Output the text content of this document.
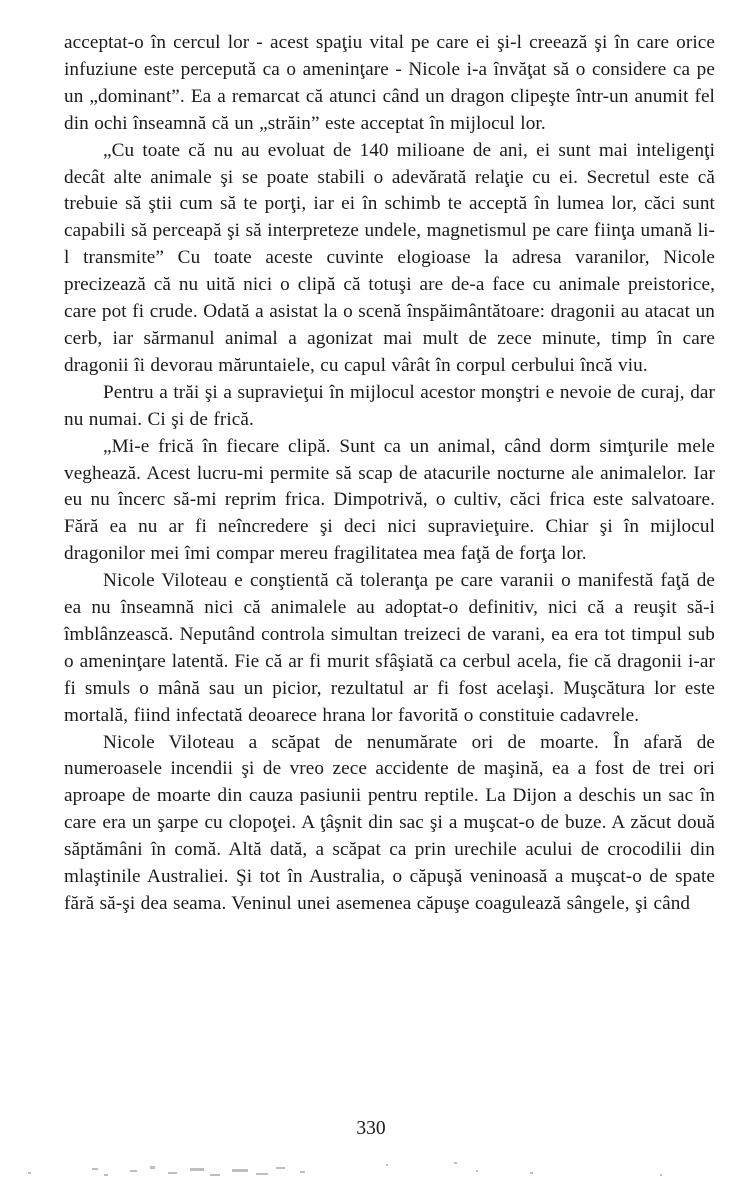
acceptat-o în cercul lor - acest spaţiu vital pe care ei şi-l creează şi în care orice infuziune este percepută ca o ameninţare - Nicole i-a învăţat să o considere ca pe un „dominant”. Ea a remarcat că atunci când un dragon clipeşte într-un anumit fel din ochi înseamnă că un „străin” este acceptat în mijlocul lor.

„Cu toate că nu au evoluat de 140 milioane de ani, ei sunt mai inteligenţi decât alte animale şi se poate stabili o adevărată relaţie cu ei. Secretul este că trebuie să ştii cum să te porţi, iar ei în schimb te acceptă în lumea lor, căci sunt capabili să perceapă şi să interpreteze undele, magnetismul pe care fiinţa umană li-l transmite” Cu toate aceste cuvinte elogioase la adresa varanilor, Nicole precizează că nu uită nici o clipă că totuşi are de-a face cu animale preistorice, care pot fi crude. Odată a asistat la o scenă înspăimântătoare: dragonii au atacat un cerb, iar sărmanul animal a agonizat mai mult de zece minute, timp în care dragonii îi devorau măruntaiele, cu capul vârât în corpul cerbului încă viu.

Pentru a trăi şi a supravieţui în mijlocul acestor monştri e nevoie de curaj, dar nu numai. Ci şi de frică.

„Mi-e frică în fiecare clipă. Sunt ca un animal, când dorm simţurile mele veghează. Acest lucru-mi permite să scap de atacurile nocturne ale animalelor. Iar eu nu încerc să-mi reprim frica. Dimpotrivă, o cultiv, căci frica este salvatoare. Fără ea nu ar fi neîncredere şi deci nici supravieţuire. Chiar şi în mijlocul dragonilor mei îmi compar mereu fragilitatea mea faţă de forţa lor.

Nicole Viloteau e conştientă că toleranţa pe care varanii o manifestă faţă de ea nu înseamnă nici că animalele au adoptat-o definitiv, nici că a reuşit să-i îmblânzească. Neputând controla simultan treizeci de varani, ea era tot timpul sub o ameninţare latentă. Fie că ar fi murit sfâşiată ca cerbul acela, fie că dragonii i-ar fi smuls o mână sau un picior, rezultatul ar fi fost acelaşi. Muşcătura lor este mortală, fiind infectată deoarece hrana lor favorită o constituie cadavrele.

Nicole Viloteau a scăpat de nenumărate ori de moarte. În afară de numeroasele incendii şi de vreo zece accidente de maşină, ea a fost de trei ori aproape de moarte din cauza pasiunii pentru reptile. La Dijon a deschis un sac în care era un şarpe cu clopoţei. A ţâşnit din sac şi a muşcat-o de buze. A zăcut două săptămâni în comă. Altă dată, a scăpat ca prin urechile acului de crocodilii din mlaştinile Australiei. Şi tot în Australia, o căpuşă veninoasă a muşcat-o de spate fără să-şi dea seama. Veninul unei asemenea căpuşe coagulează sângele, şi când

330
